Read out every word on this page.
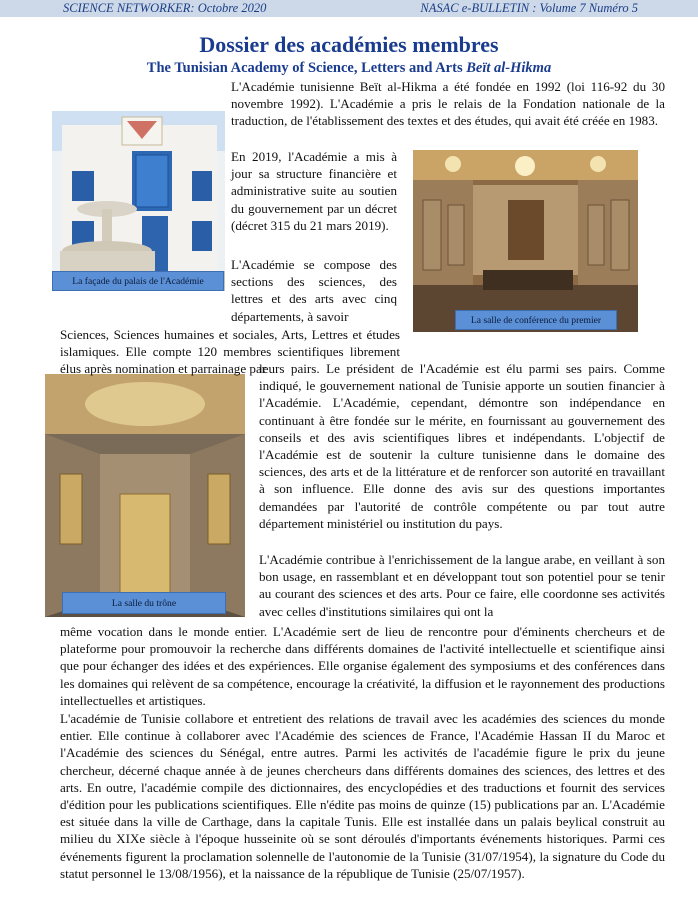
SCIENCE NETWORKER: Octobre 2020	NASAC e-BULLETIN : Volume 7 Numéro 5
Dossier des académies membres
The Tunisian Academy of Science, Letters and Arts Beït al-Hikma
La façade du palais de l'Académie
La salle de conférence du premier
La salle du trône

L'Académie tunisienne Beït al-Hikma a été fondée en 1992 (loi 116-92 du 30 novembre 1992). L'Académie a pris le relais de la Fondation nationale de la traduction, de l'établissement des textes et des études, qui avait été créée en 1983.

En 2019, l'Académie a mis à jour sa structure financière et administrative suite au soutien du gouvernement par un décret (décret 315 du 21 mars 2019).

L'Académie se compose des sections des sciences, des lettres et des arts avec cinq départements, à savoir

Sciences, Sciences humaines et sociales, Arts, Lettres et études islamiques. Elle compte 120 membres scientifiques librement élus après nomination et parrainage par

leurs pairs. Le président de l'Académie est élu parmi ses pairs. Comme indiqué, le gouvernement national de Tunisie apporte un soutien financier à l'Académie. L'Académie, cependant, démontre son indépendance en continuant à être fondée sur le mérite, en fournissant au gouvernement des conseils et des avis scientifiques libres et indépendants. L'objectif de l'Académie est de soutenir la culture tunisienne dans le domaine des sciences, des arts et de la littérature et de renforcer son autorité en travaillant à son influence. Elle donne des avis sur des questions importantes demandées par l'autorité de contrôle compétente ou par tout autre département ministériel ou institution du pays.

L'Académie contribue à l'enrichissement de la langue arabe, en veillant à son bon usage, en rassemblant et en développant tout son potentiel pour se tenir au courant des sciences et des arts. Pour ce faire, elle coordonne ses activités avec celles d'institutions similaires qui ont la

même vocation dans le monde entier. L'Académie sert de lieu de rencontre pour d'éminents chercheurs et de plateforme pour promouvoir la recherche dans différents domaines de l'activité intellectuelle et scientifique ainsi que pour échanger des idées et des expériences. Elle organise également des symposiums et des conférences dans les domaines qui relèvent de sa compétence, encourage la créativité, la diffusion et le rayonnement des productions intellectuelles et artistiques.

L'académie de Tunisie collabore et entretient des relations de travail avec les académies des sciences du monde entier. Elle continue à collaborer avec l'Académie des sciences de France, l'Académie Hassan II du Maroc et l'Académie des sciences du Sénégal, entre autres. Parmi les activités de l'académie figure le prix du jeune chercheur, décerné chaque année à de jeunes chercheurs dans différents domaines des sciences, des lettres et des arts. En outre, l'académie compile des dictionnaires, des encyclopédies et des traductions et fournit des services d'édition pour les publications scientifiques. Elle n'édite pas moins de quinze (15) publications par an. L'Académie est située dans la ville de Carthage, dans la capitale Tunis. Elle est installée dans un palais beylical construit au milieu du XIXe siècle à l'époque husseinite où se sont déroulés d'importants événements historiques. Parmi ces événements figurent la proclamation solennelle de l'autonomie de la Tunisie (31/07/1954), la signature du Code du statut personnel le 13/08/1956), et la naissance de la république de Tunisie (25/07/1957).
